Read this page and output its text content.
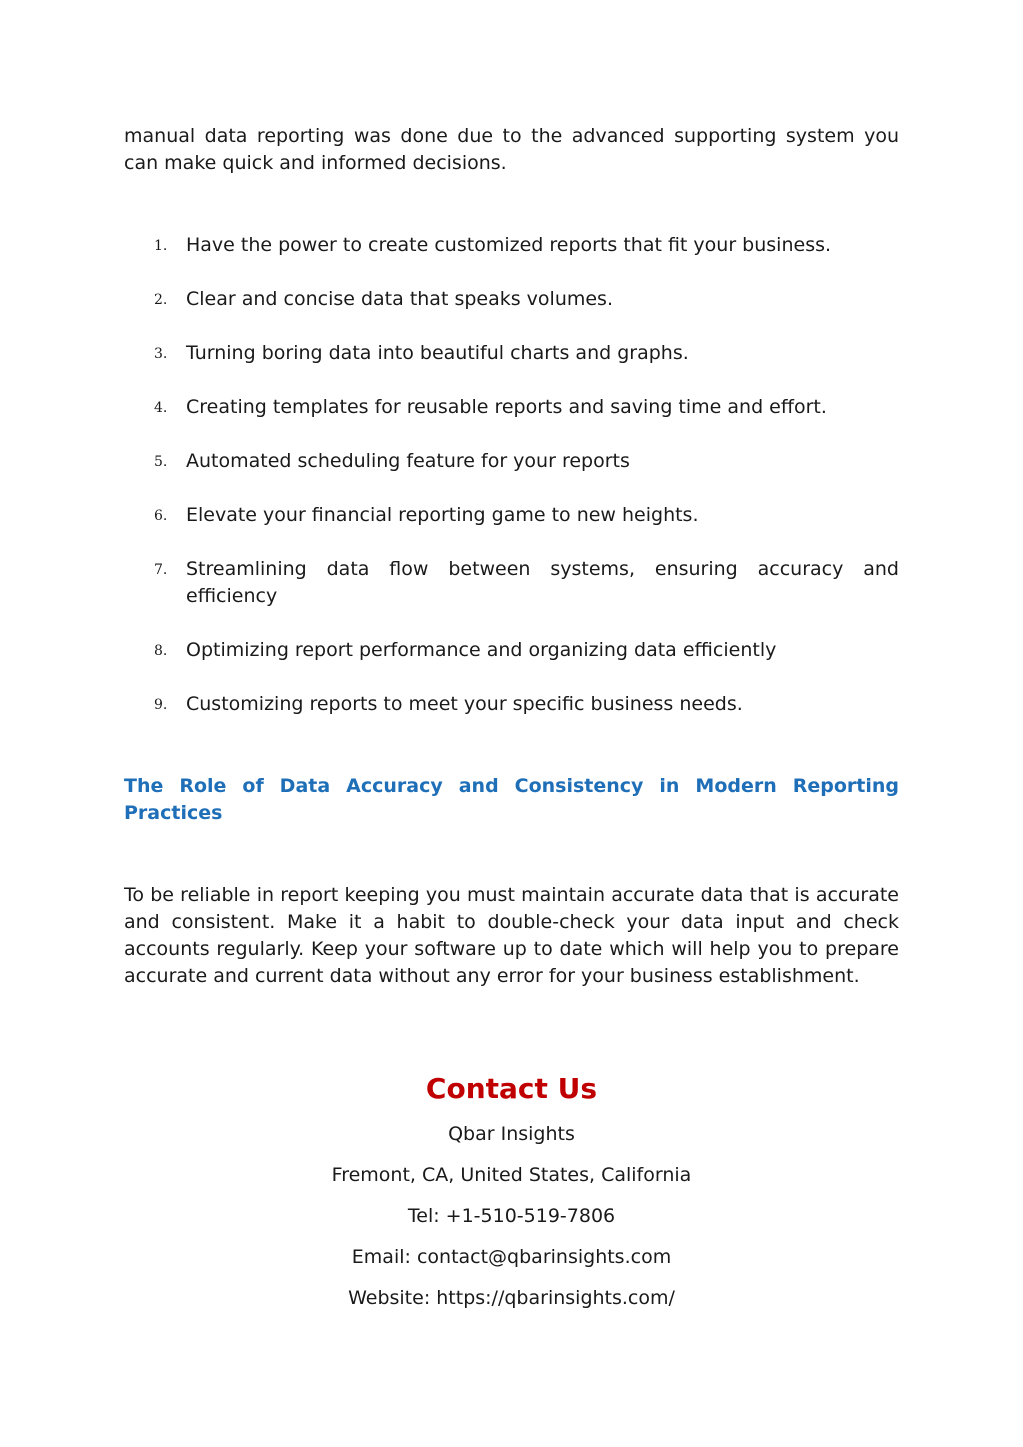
manual data reporting was done due to the advanced supporting system you can make quick and informed decisions.

1. Have the power to create customized reports that fit your business.
2. Clear and concise data that speaks volumes.
3. Turning boring data into beautiful charts and graphs.
4. Creating templates for reusable reports and saving time and effort.
5. Automated scheduling feature for your reports
6. Elevate your financial reporting game to new heights.
7. Streamlining data flow between systems, ensuring accuracy and efficiency
8. Optimizing report performance and organizing data efficiently
9. Customizing reports to meet your specific business needs.
The Role of Data Accuracy and Consistency in Modern Reporting Practices

To be reliable in report keeping you must maintain accurate data that is accurate and consistent. Make it a habit to double-check your data input and check accounts regularly. Keep your software up to date which will help you to prepare accurate and current data without any error for your business establishment.

Contact Us
Qbar Insights
Fremont, CA, United States, California
Tel: +1-510-519-7806
Email: contact@qbarinsights.com
Website: https://qbarinsights.com/
